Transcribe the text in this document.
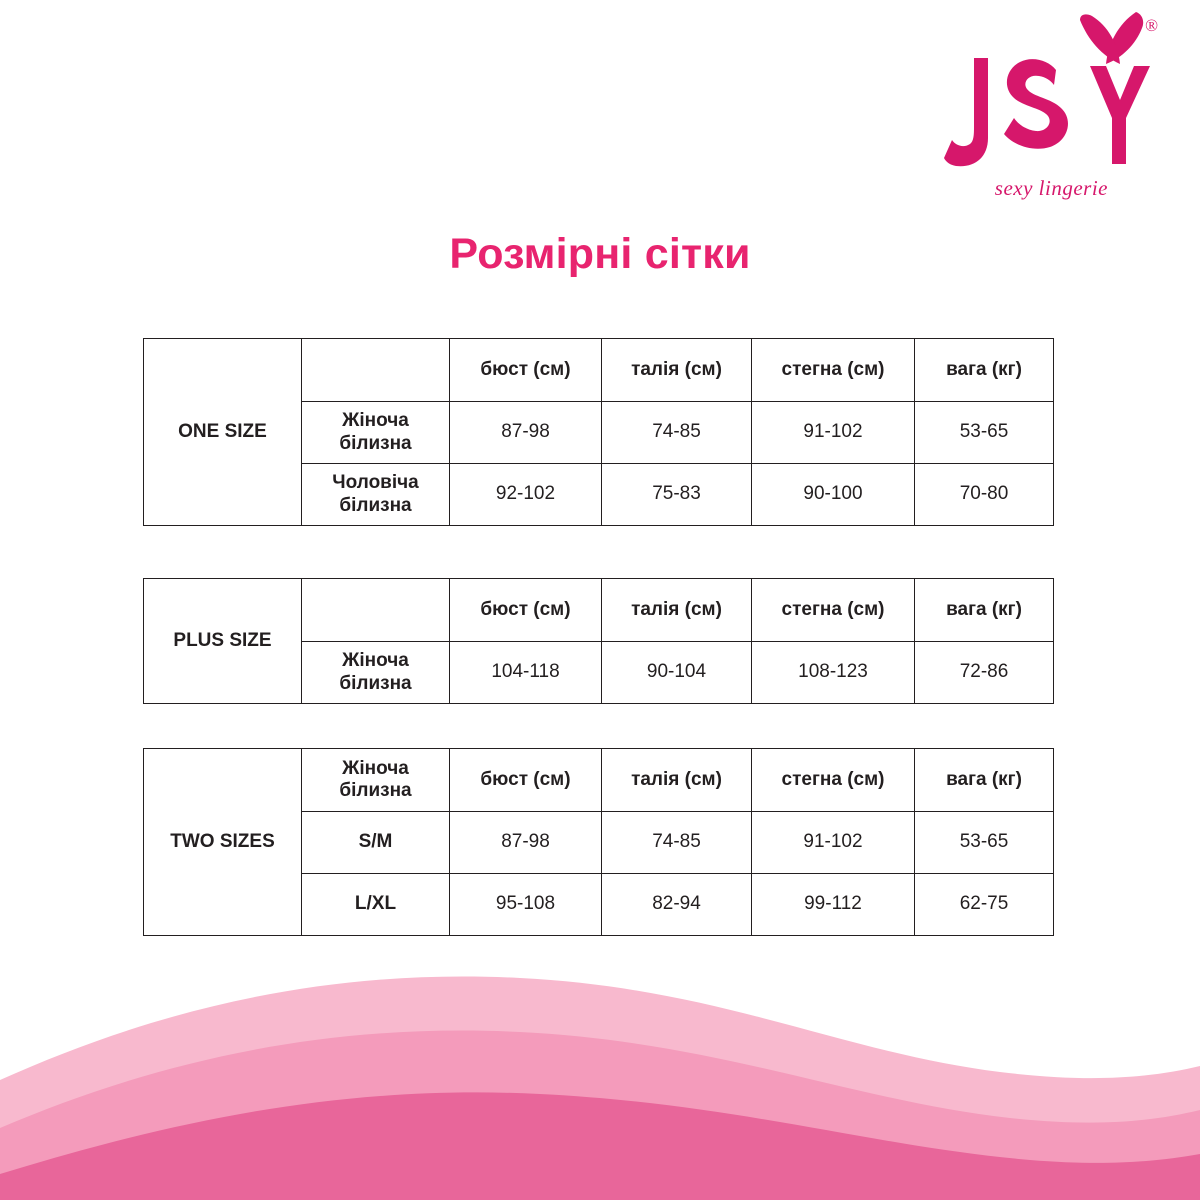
®
sexy lingerie
Розмірні сітки
ONE SIZE		бюст (см)	талія (см)	стегна (см)	вага (кг)
	Жіноча білизна	87-98	74-85	91-102	53-65
	Чоловіча білизна	92-102	75-83	90-100	70-80
PLUS SIZE		бюст (см)	талія (см)	стегна (см)	вага (кг)
	Жіноча білизна	104-118	90-104	108-123	72-86
TWO SIZES	Жіноча білизна	бюст (см)	талія (см)	стегна (см)	вага (кг)
	S/M	87-98	74-85	91-102	53-65
	L/XL	95-108	82-94	99-112	62-75
